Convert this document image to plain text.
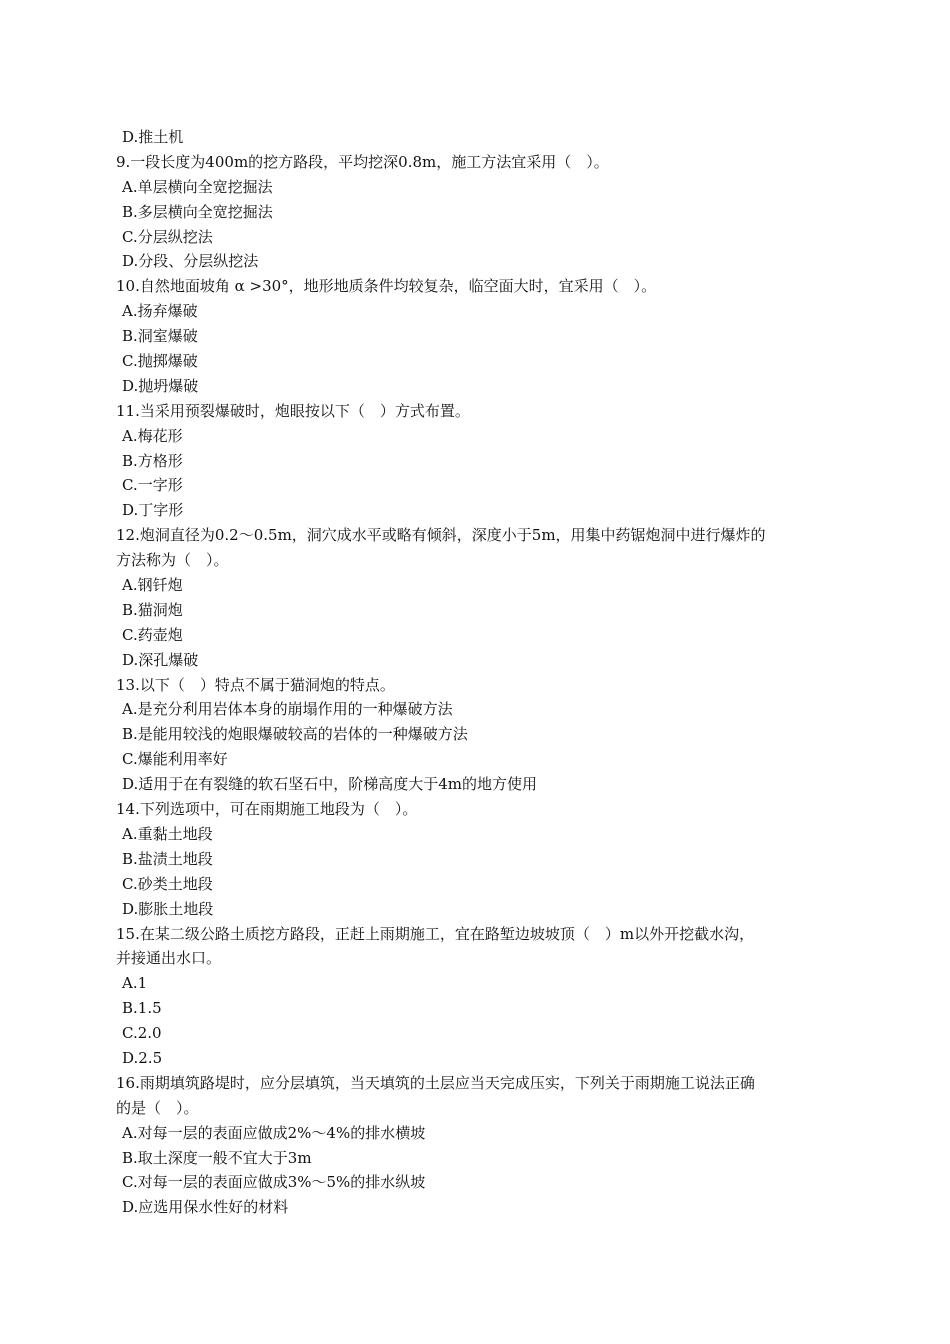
D.推土机
9.一段长度为400m的挖方路段，平均挖深0.8m，施工方法宜采用（　）。
A.单层横向全宽挖掘法
B.多层横向全宽挖掘法
C.分层纵挖法
D.分段、分层纵挖法
10.自然地面坡角 α >30°，地形地质条件均较复杂，临空面大时，宜采用（　）。
A.扬弃爆破
B.洞室爆破
C.抛掷爆破
D.抛坍爆破
11.当采用预裂爆破时，炮眼按以下（　）方式布置。
A.梅花形
B.方格形
C.一字形
D.丁字形
12.炮洞直径为0.2～0.5m，洞穴成水平或略有倾斜，深度小于5m，用集中药锯炮洞中进行爆炸的
方法称为（　）。
A.钢钎炮
B.猫洞炮
C.药壶炮
D.深孔爆破
13.以下（　）特点不属于猫洞炮的特点。
A.是充分利用岩体本身的崩塌作用的一种爆破方法
B.是能用较浅的炮眼爆破较高的岩体的一种爆破方法
C.爆能利用率好
D.适用于在有裂缝的软石坚石中，阶梯高度大于4m的地方使用
14.下列选项中，可在雨期施工地段为（　）。
A.重黏土地段
B.盐渍土地段
C.砂类土地段
D.膨胀土地段
15.在某二级公路土质挖方路段，正赶上雨期施工，宜在路堑边坡坡顶（　）m以外开挖截水沟，
并接通出水口。
A.1
B.1.5
C.2.0
D.2.5
16.雨期填筑路堤时，应分层填筑，当天填筑的土层应当天完成压实，下列关于雨期施工说法正确
的是（　）。
A.对每一层的表面应做成2%～4%的排水横坡
B.取土深度一般不宜大于3m
C.对每一层的表面应做成3%～5%的排水纵坡
D.应选用保水性好的材料
